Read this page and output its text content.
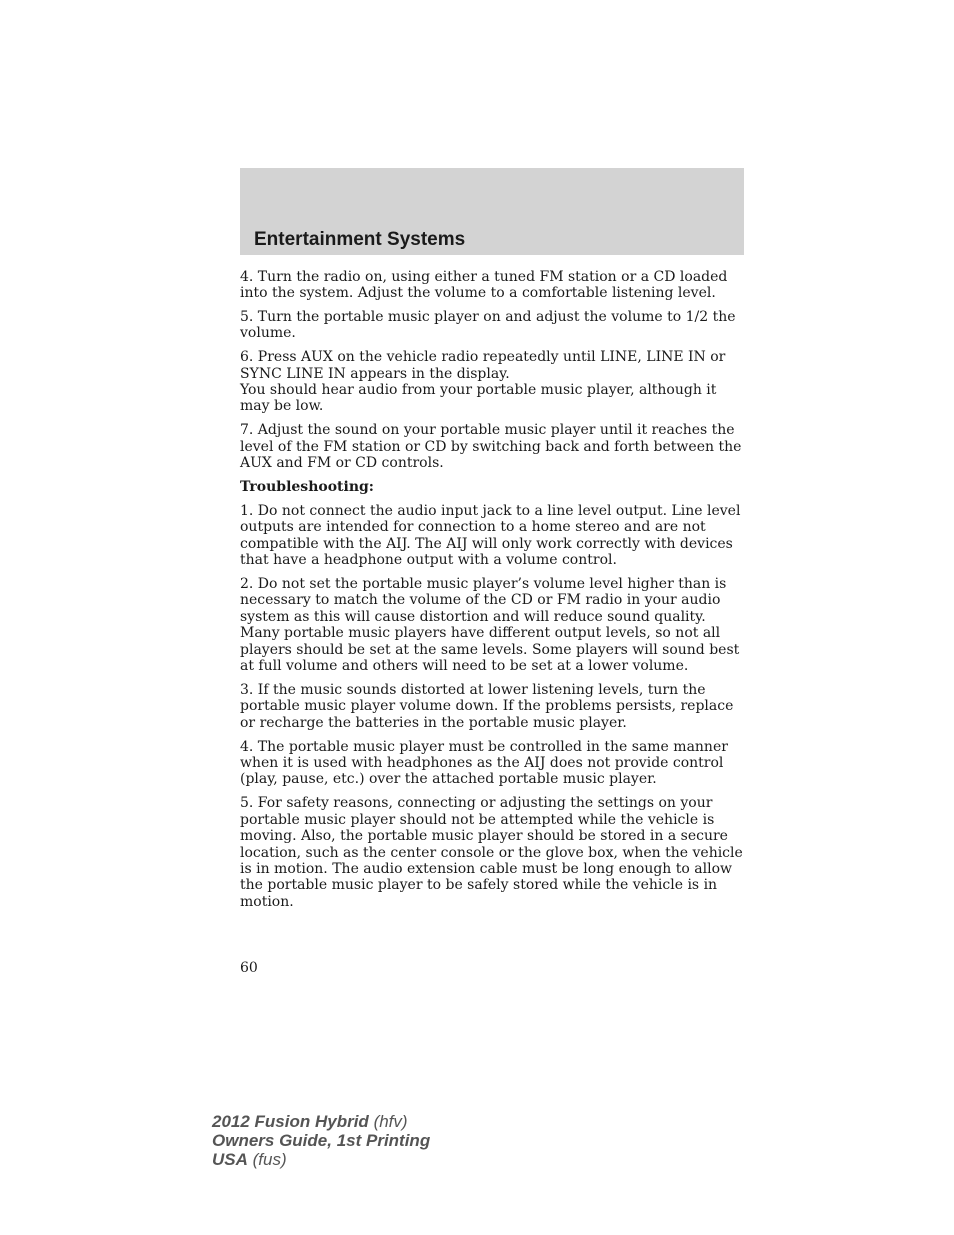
Entertainment Systems

4. Turn the radio on, using either a tuned FM station or a CD loaded into the system. Adjust the volume to a comfortable listening level.

5. Turn the portable music player on and adjust the volume to 1/2 the volume.

6. Press AUX on the vehicle radio repeatedly until LINE, LINE IN or SYNC LINE IN appears in the display.

You should hear audio from your portable music player, although it may be low.

7. Adjust the sound on your portable music player until it reaches the level of the FM station or CD by switching back and forth between the AUX and FM or CD controls.

Troubleshooting:

1. Do not connect the audio input jack to a line level output. Line level outputs are intended for connection to a home stereo and are not compatible with the AIJ. The AIJ will only work correctly with devices that have a headphone output with a volume control.

2. Do not set the portable music player’s volume level higher than is necessary to match the volume of the CD or FM radio in your audio system as this will cause distortion and will reduce sound quality. Many portable music players have different output levels, so not all players should be set at the same levels. Some players will sound best at full volume and others will need to be set at a lower volume.

3. If the music sounds distorted at lower listening levels, turn the portable music player volume down. If the problems persists, replace or recharge the batteries in the portable music player.

4. The portable music player must be controlled in the same manner when it is used with headphones as the AIJ does not provide control (play, pause, etc.) over the attached portable music player.

5. For safety reasons, connecting or adjusting the settings on your portable music player should not be attempted while the vehicle is moving. Also, the portable music player should be stored in a secure location, such as the center console or the glove box, when the vehicle is in motion. The audio extension cable must be long enough to allow the portable music player to be safely stored while the vehicle is in motion.

60

2012 Fusion Hybrid (hfv)
Owners Guide, 1st Printing
USA (fus)
